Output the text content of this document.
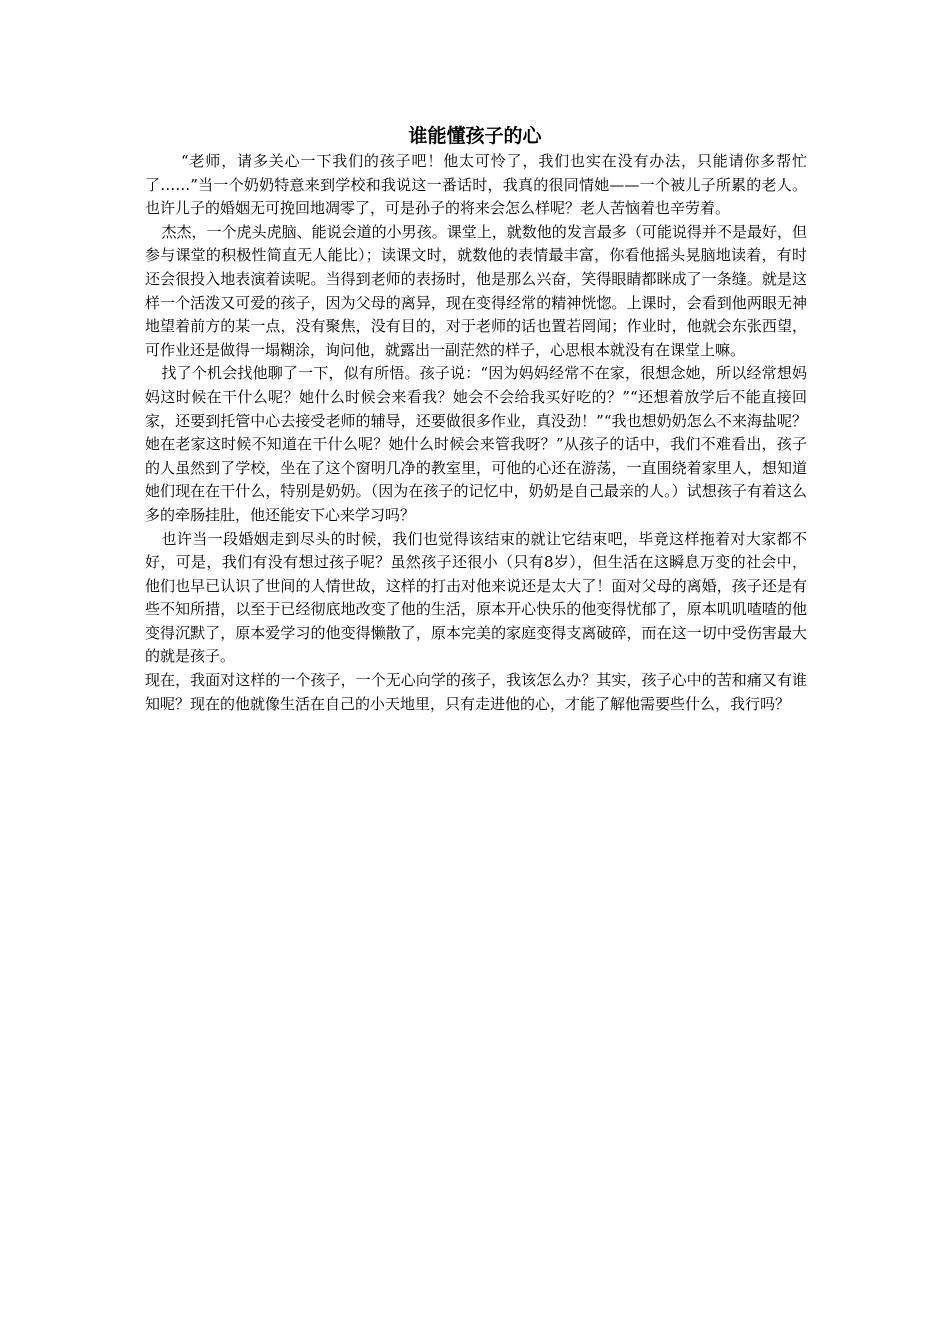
谁能懂孩子的心

“老师，请多关心一下我们的孩子吧！他太可怜了，我们也实在没有办法，只能请你多帮忙了……”当一个奶奶特意来到学校和我说这一番话时，我真的很同情她——一个被儿子所累的老人。也许儿子的婚姻无可挽回地凋零了，可是孙子的将来会怎么样呢？老人苦恼着也辛劳着。

杰杰，一个虎头虎脑、能说会道的小男孩。课堂上，就数他的发言最多（可能说得并不是最好，但参与课堂的积极性简直无人能比）；读课文时，就数他的表情最丰富，你看他摇头晃脑地读着，有时还会很投入地表演着读呢。当得到老师的表扬时，他是那么兴奋，笑得眼睛都眯成了一条缝。就是这样一个活泼又可爱的孩子，因为父母的离异，现在变得经常的精神恍惚。上课时，会看到他两眼无神地望着前方的某一点，没有聚焦，没有目的，对于老师的话也置若罔闻；作业时，他就会东张西望，可作业还是做得一塌糊涂，询问他，就露出一副茫然的样子，心思根本就没有在课堂上嘛。

找了个机会找他聊了一下，似有所悟。孩子说：“因为妈妈经常不在家，很想念她，所以经常想妈妈这时候在干什么呢？她什么时候会来看我？她会不会给我买好吃的？”“还想着放学后不能直接回家，还要到托管中心去接受老师的辅导，还要做很多作业，真没劲！”“我也想奶奶怎么不来海盐呢？她在老家这时候不知道在干什么呢？她什么时候会来管我呀？”从孩子的话中，我们不难看出，孩子的人虽然到了学校，坐在了这个窗明几净的教室里，可他的心还在游荡，一直围绕着家里人，想知道她们现在在干什么，特别是奶奶。（因为在孩子的记忆中，奶奶是自己最亲的人。）试想孩子有着这么多的牵肠挂肚，他还能安下心来学习吗？

也许当一段婚姻走到尽头的时候，我们也觉得该结束的就让它结束吧，毕竟这样拖着对大家都不好，可是，我们有没有想过孩子呢？虽然孩子还很小（只有8岁），但生活在这瞬息万变的社会中，他们也早已认识了世间的人情世故，这样的打击对他来说还是太大了！面对父母的离婚，孩子还是有些不知所措，以至于已经彻底地改变了他的生活，原本开心快乐的他变得忧郁了，原本叽叽喳喳的他变得沉默了，原本爱学习的他变得懒散了，原本完美的家庭变得支离破碎，而在这一切中受伤害最大的就是孩子。

现在，我面对这样的一个孩子，一个无心向学的孩子，我该怎么办？其实，孩子心中的苦和痛又有谁知呢？现在的他就像生活在自己的小天地里，只有走进他的心，才能了解他需要些什么，我行吗？
